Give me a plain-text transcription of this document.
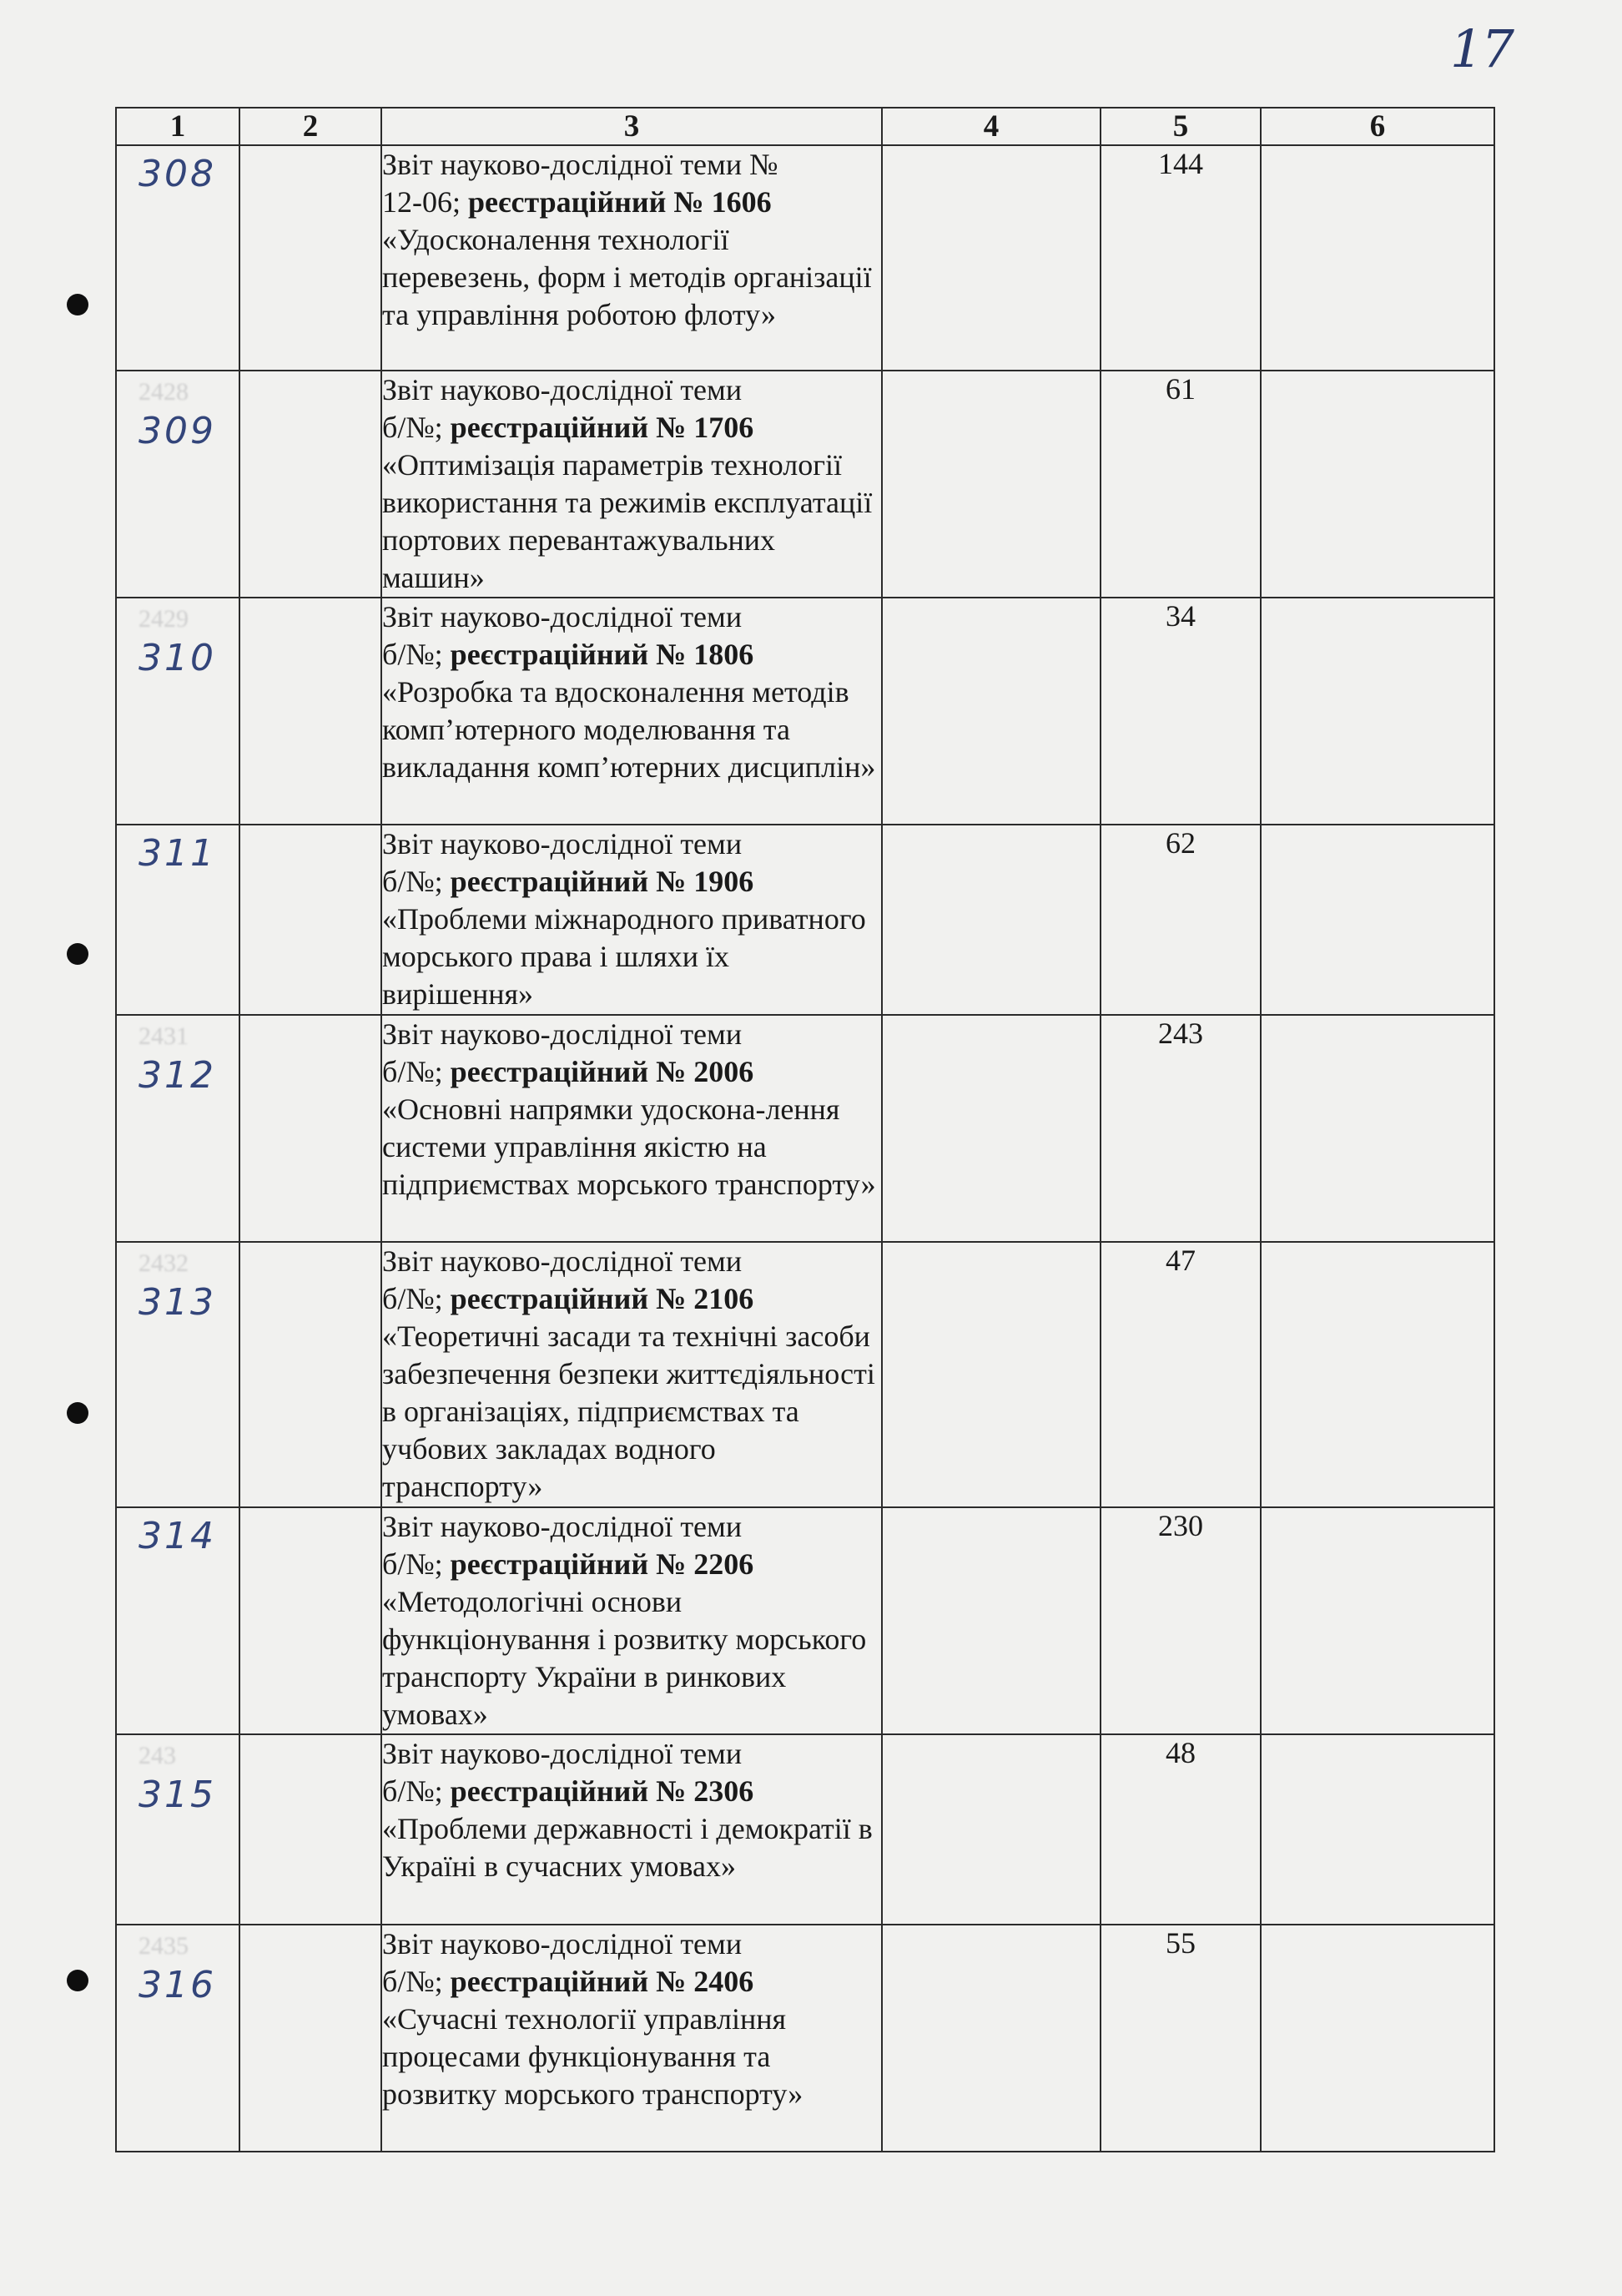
17
1	2	3	4	5	6

308		Звіт науково-дослідної теми №
12-06; реєстраційний № 1606
«Удосконалення технології перевезень, форм і методів організації та управління роботою флоту»		144	

2428
309		Звіт науково-дослідної теми
б/№; реєстраційний № 1706
«Оптимізація параметрів технології використання та режимів експлуатації портових перевантажувальних машин»		61	

2429
310		Звіт науково-дослідної теми
б/№; реєстраційний № 1806
«Розробка та вдосконалення методів комп’ютерного моделювання та викладання комп’ютерних дисциплін»		34	

311		Звіт науково-дослідної теми
б/№; реєстраційний № 1906
«Проблеми міжнародного приватного морського права і шляхи їх вирішення»		62	

2431
312		Звіт науково-дослідної теми
б/№; реєстраційний № 2006
«Основні напрямки удоскона-лення системи управління якістю на підприємствах морського транспорту»		243	

2432
313		Звіт науково-дослідної теми
б/№; реєстраційний № 2106
«Теоретичні засади та технічні засоби забезпечення безпеки життєдіяльності в організаціях, підприємствах та учбових закладах водного транспорту»		47	

314		Звіт науково-дослідної теми
б/№; реєстраційний № 2206
«Методологічні основи функціонування і розвитку морського транспорту України в ринкових умовах»		230	

243
315		Звіт науково-дослідної теми
б/№; реєстраційний № 2306
«Проблеми державності і демократії в Україні в сучасних умовах»		48	

2435
316		Звіт науково-дослідної теми
б/№; реєстраційний № 2406
«Сучасні технології управління процесами функціонування та розвитку морського транспорту»		55	
